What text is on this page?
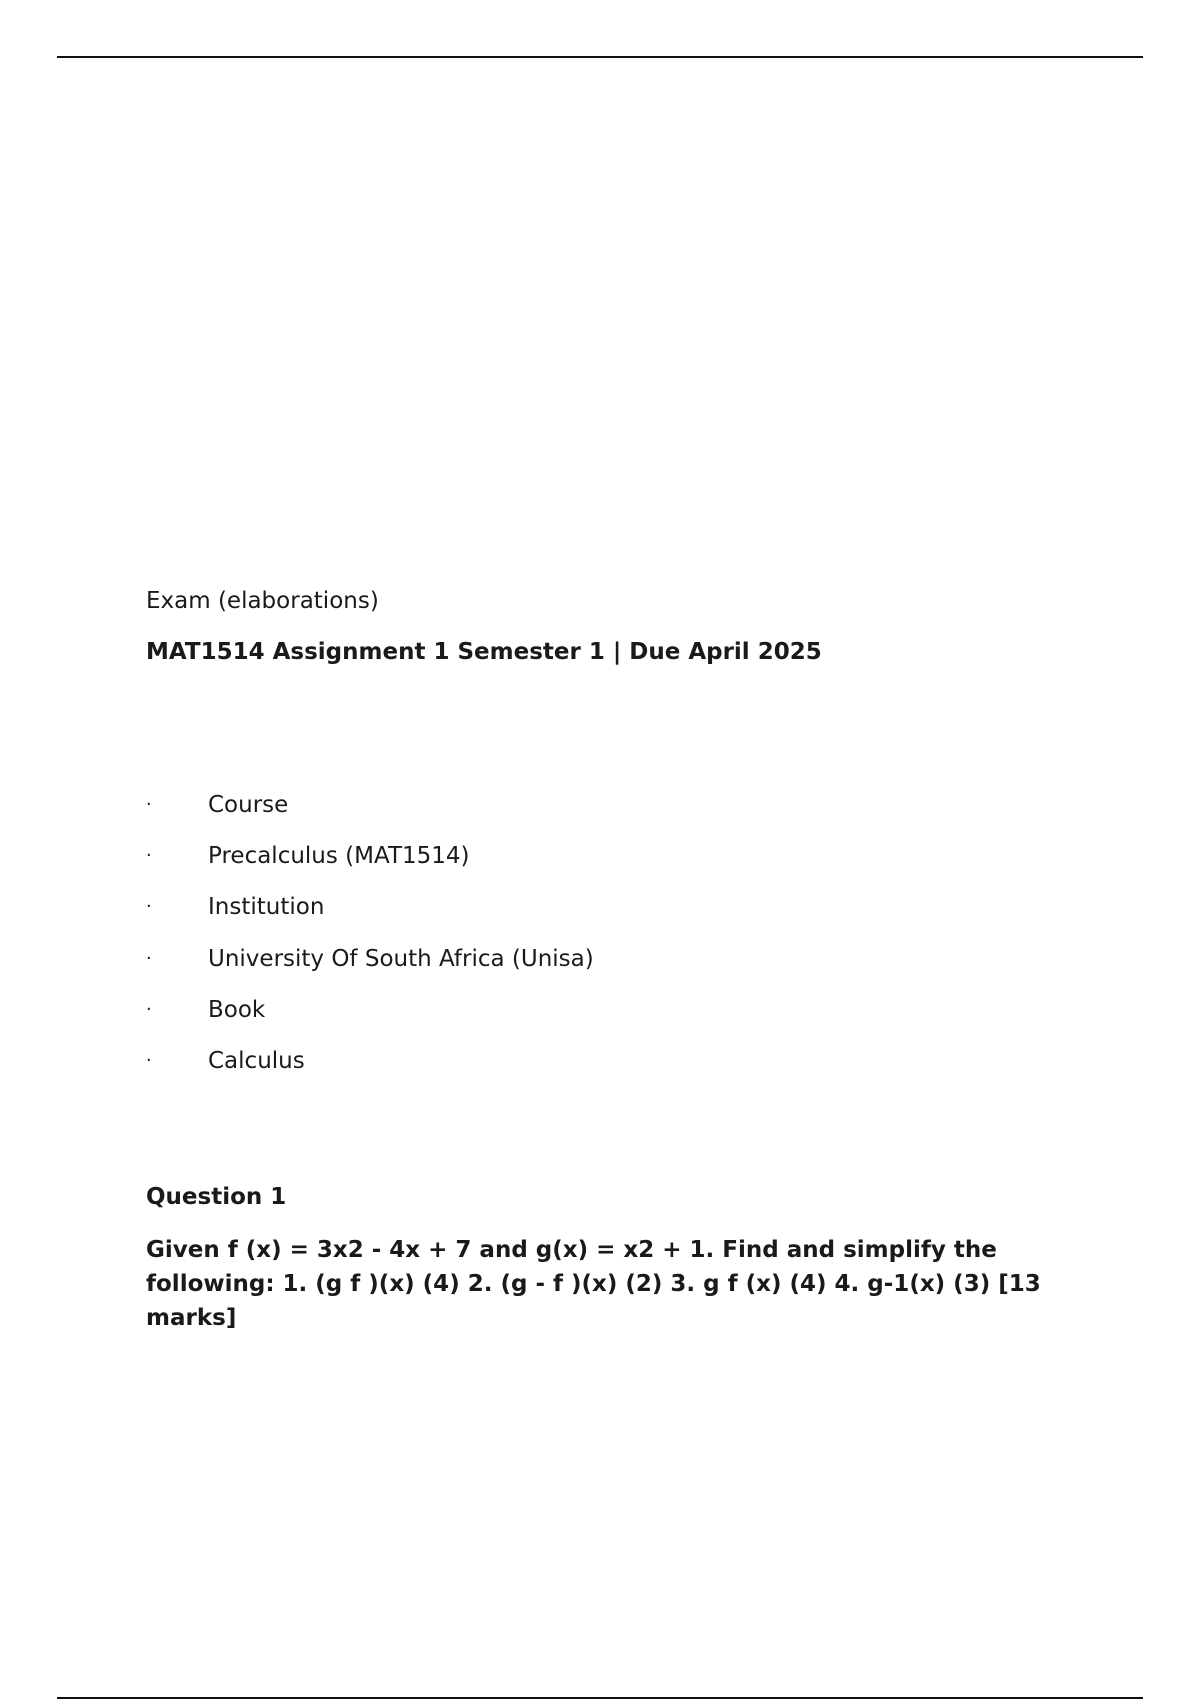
Exam (elaborations)
MAT1514 Assignment 1 Semester 1 | Due April 2025
· Course
· Precalculus (MAT1514)
· Institution
· University Of South Africa (Unisa)
· Book
· Calculus
Question 1
Given f (x) = 3x2 - 4x + 7 and g(x) = x2 + 1. Find and simplify the following: 1. (g f )(x) (4) 2. (g - f )(x) (2) 3. g f (x) (4) 4. g-1(x) (3) [13 marks]
